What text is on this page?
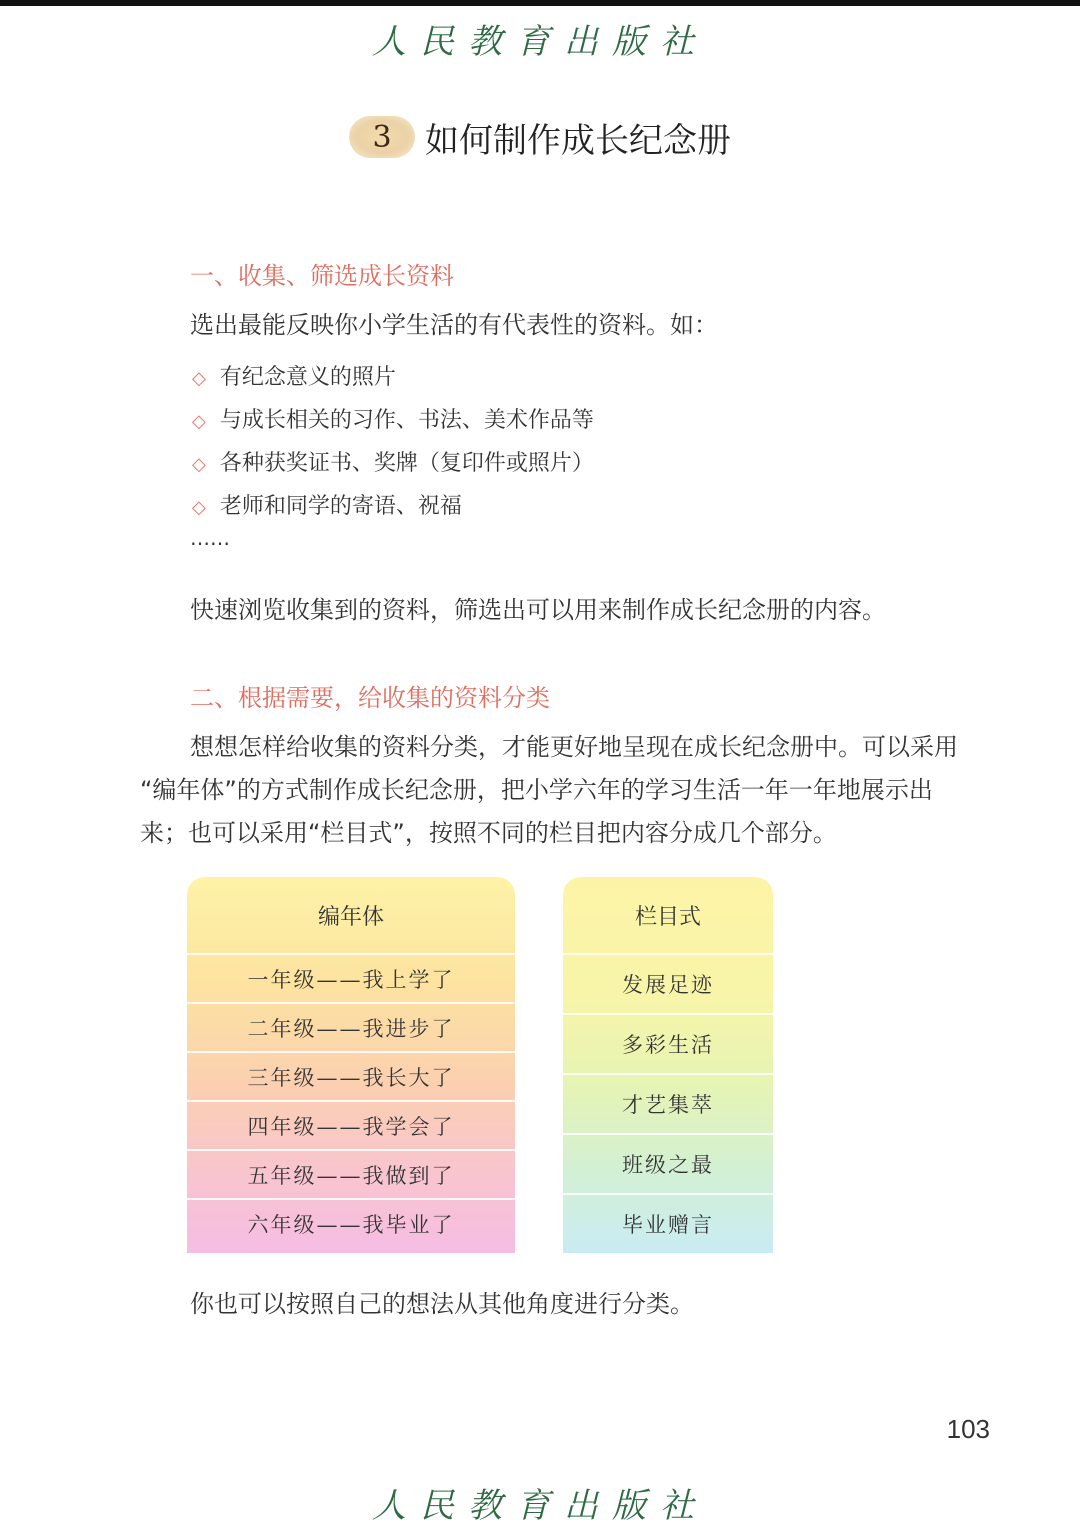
人民教育出版社
3 如何制作成长纪念册
一、收集、筛选成长资料
选出最能反映你小学生活的有代表性的资料。如：
◇ 有纪念意义的照片
◇ 与成长相关的习作、书法、美术作品等
◇ 各种获奖证书、奖牌（复印件或照片）
◇ 老师和同学的寄语、祝福
……
快速浏览收集到的资料，筛选出可以用来制作成长纪念册的内容。
二、根据需要，给收集的资料分类
想想怎样给收集的资料分类，才能更好地呈现在成长纪念册中。可以采用
“编年体”的方式制作成长纪念册，把小学六年的学习生活一年一年地展示出
来；也可以采用“栏目式”，按照不同的栏目把内容分成几个部分。
编年体
一年级——我上学了
二年级——我进步了
三年级——我长大了
四年级——我学会了
五年级——我做到了
六年级——我毕业了
栏目式
发展足迹
多彩生活
才艺集萃
班级之最
毕业赠言
你也可以按照自己的想法从其他角度进行分类。
103
人民教育出版社
